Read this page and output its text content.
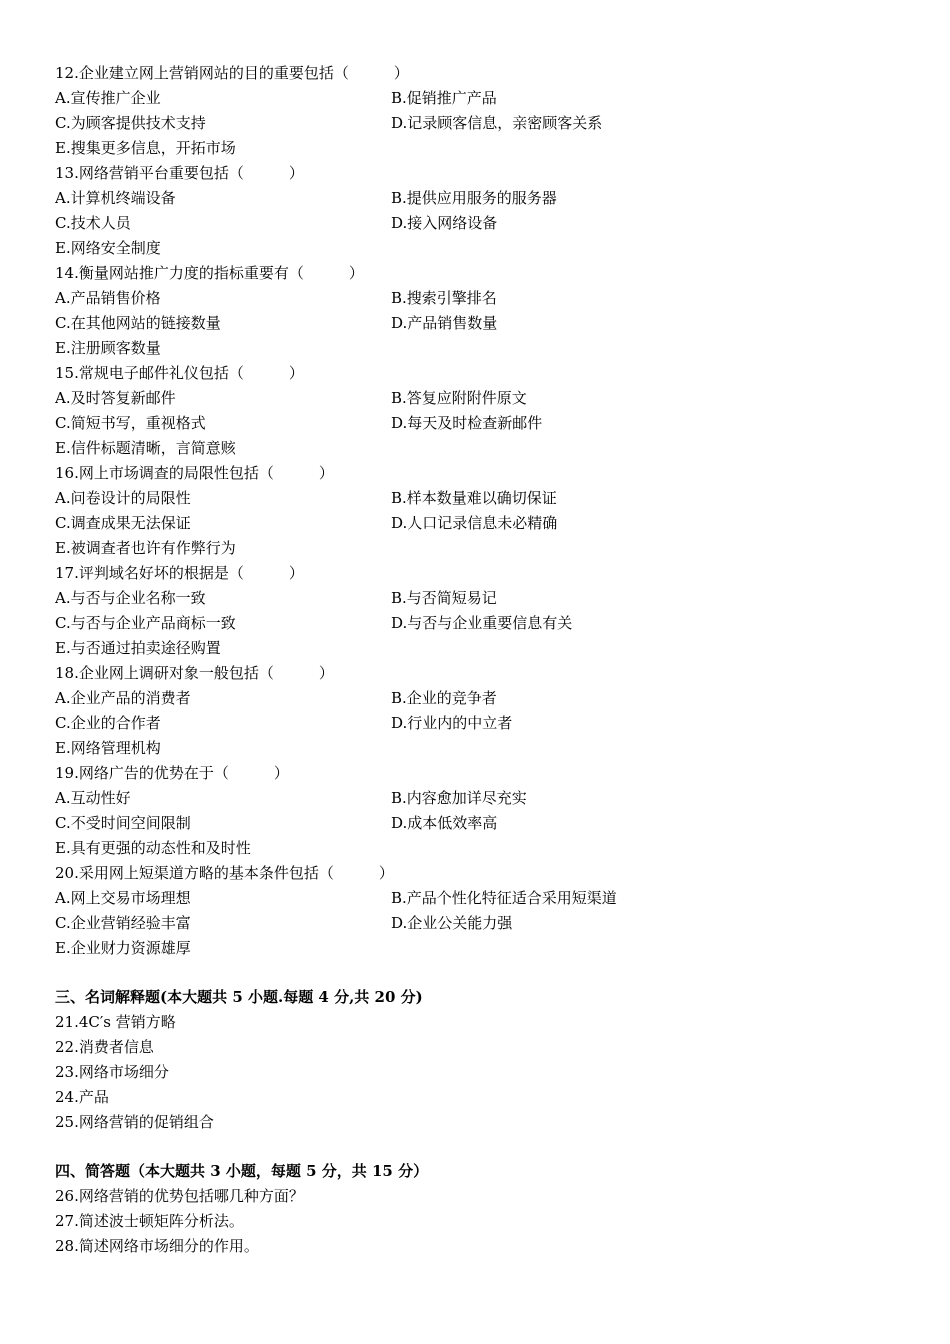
12.企业建立网上营销网站的目的重要包括（　　　）
A.宣传推广企业	B.促销推广产品
C.为顾客提供技术支持	D.记录顾客信息，亲密顾客关系
E.搜集更多信息，开拓市场
13.网络营销平台重要包括（　　　）
A.计算机终端设备	B.提供应用服务的服务器
C.技术人员	D.接入网络设备
E.网络安全制度
14.衡量网站推广力度的指标重要有（　　　）
A.产品销售价格	B.搜索引擎排名
C.在其他网站的链接数量	D.产品销售数量
E.注册顾客数量
15.常规电子邮件礼仪包括（　　　）
A.及时答复新邮件	B.答复应附附件原文
C.简短书写，重视格式	D.每天及时检查新邮件
E.信件标题清晰，言简意赅
16.网上市场调查的局限性包括（　　　）
A.问卷设计的局限性	B.样本数量难以确切保证
C.调查成果无法保证	D.人口记录信息未必精确
E.被调查者也许有作弊行为
17.评判域名好坏的根据是（　　　）
A.与否与企业名称一致	B.与否简短易记
C.与否与企业产品商标一致	D.与否与企业重要信息有关
E.与否通过拍卖途径购置
18.企业网上调研对象一般包括（　　　）
A.企业产品的消费者	B.企业的竞争者
C.企业的合作者	D.行业内的中立者
E.网络管理机构
19.网络广告的优势在于（　　　）
A.互动性好	B.内容愈加详尽充实
C.不受时间空间限制	D.成本低效率高
E.具有更强的动态性和及时性
20.采用网上短渠道方略的基本条件包括（　　　）
A.网上交易市场理想	B.产品个性化特征适合采用短渠道
C.企业营销经验丰富	D.企业公关能力强
E.企业财力资源雄厚
三、名词解释题(本大题共 5 小题.每题 4 分,共 20 分)
21.4C′s 营销方略
22.消费者信息
23.网络市场细分
24.产品
25.网络营销的促销组合
四、简答题（本大题共 3 小题，每题 5 分，共 15 分）
26.网络营销的优势包括哪几种方面？
27.简述波士顿矩阵分析法。
28.简述网络市场细分的作用。
